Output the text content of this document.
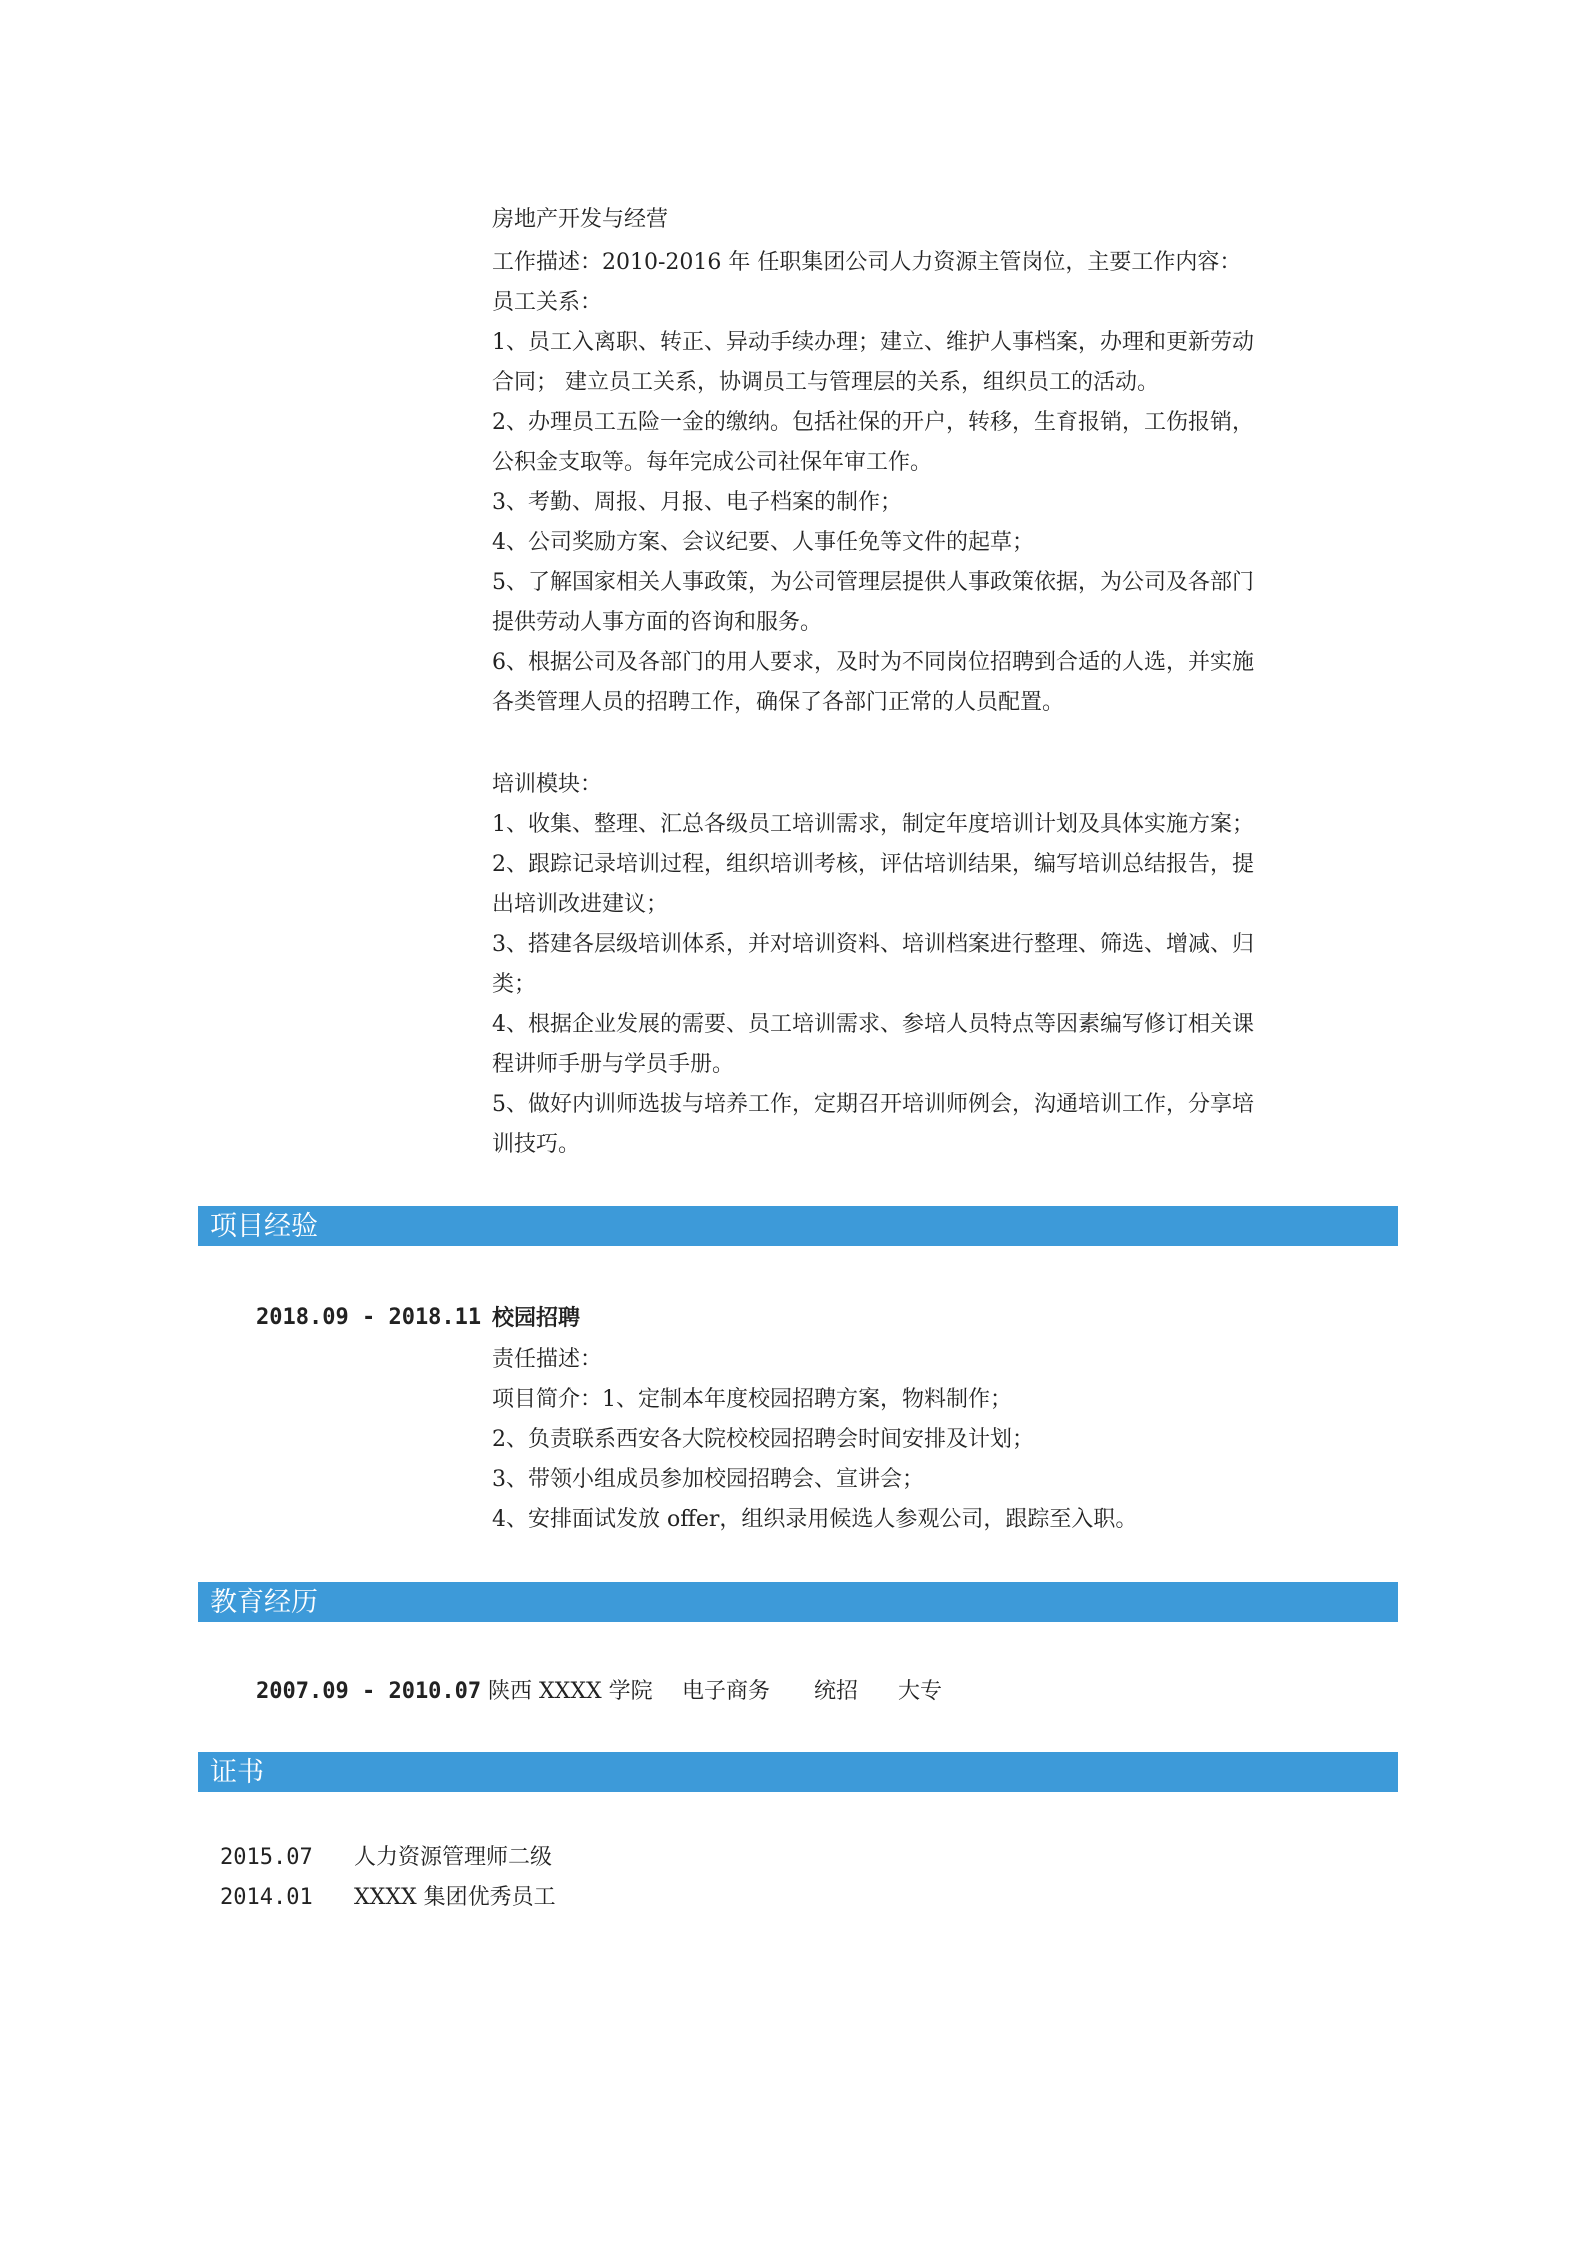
房地产开发与经营
工作描述：2010-2016 年 任职集团公司人力资源主管岗位，主要工作内容：
员工关系：
1、员工入离职、转正、异动手续办理；建立、维护人事档案，办理和更新劳动
合同； 建立员工关系，协调员工与管理层的关系，组织员工的活动。
2、办理员工五险一金的缴纳。包括社保的开户，转移，生育报销，工伤报销，
公积金支取等。每年完成公司社保年审工作。
3、考勤、周报、月报、电子档案的制作；
4、公司奖励方案、会议纪要、人事任免等文件的起草；
5、了解国家相关人事政策，为公司管理层提供人事政策依据，为公司及各部门
提供劳动人事方面的咨询和服务。
6、根据公司及各部门的用人要求，及时为不同岗位招聘到合适的人选，并实施
各类管理人员的招聘工作，确保了各部门正常的人员配置。
培训模块：
1、收集、整理、汇总各级员工培训需求，制定年度培训计划及具体实施方案；
2、跟踪记录培训过程，组织培训考核，评估培训结果，编写培训总结报告，提
出培训改进建议；
3、搭建各层级培训体系，并对培训资料、培训档案进行整理、筛选、增减、归
类；
4、根据企业发展的需要、员工培训需求、参培人员特点等因素编写修订相关课
程讲师手册与学员手册。
5、做好内训师选拔与培养工作，定期召开培训师例会，沟通培训工作，分享培
训技巧。
项目经验
2018.09 - 2018.11 校园招聘
责任描述：
项目简介：1、定制本年度校园招聘方案，物料制作；
2、负责联系西安各大院校校园招聘会时间安排及计划；
3、带领小组成员参加校园招聘会、宣讲会；
4、安排面试发放 offer，组织录用候选人参观公司，跟踪至入职。
教育经历
2007.09 - 2010.07 陕西 XXXX 学院 电子商务 统招 大专
证书
2015.07 人力资源管理师二级
2014.01 XXXX 集团优秀员工
